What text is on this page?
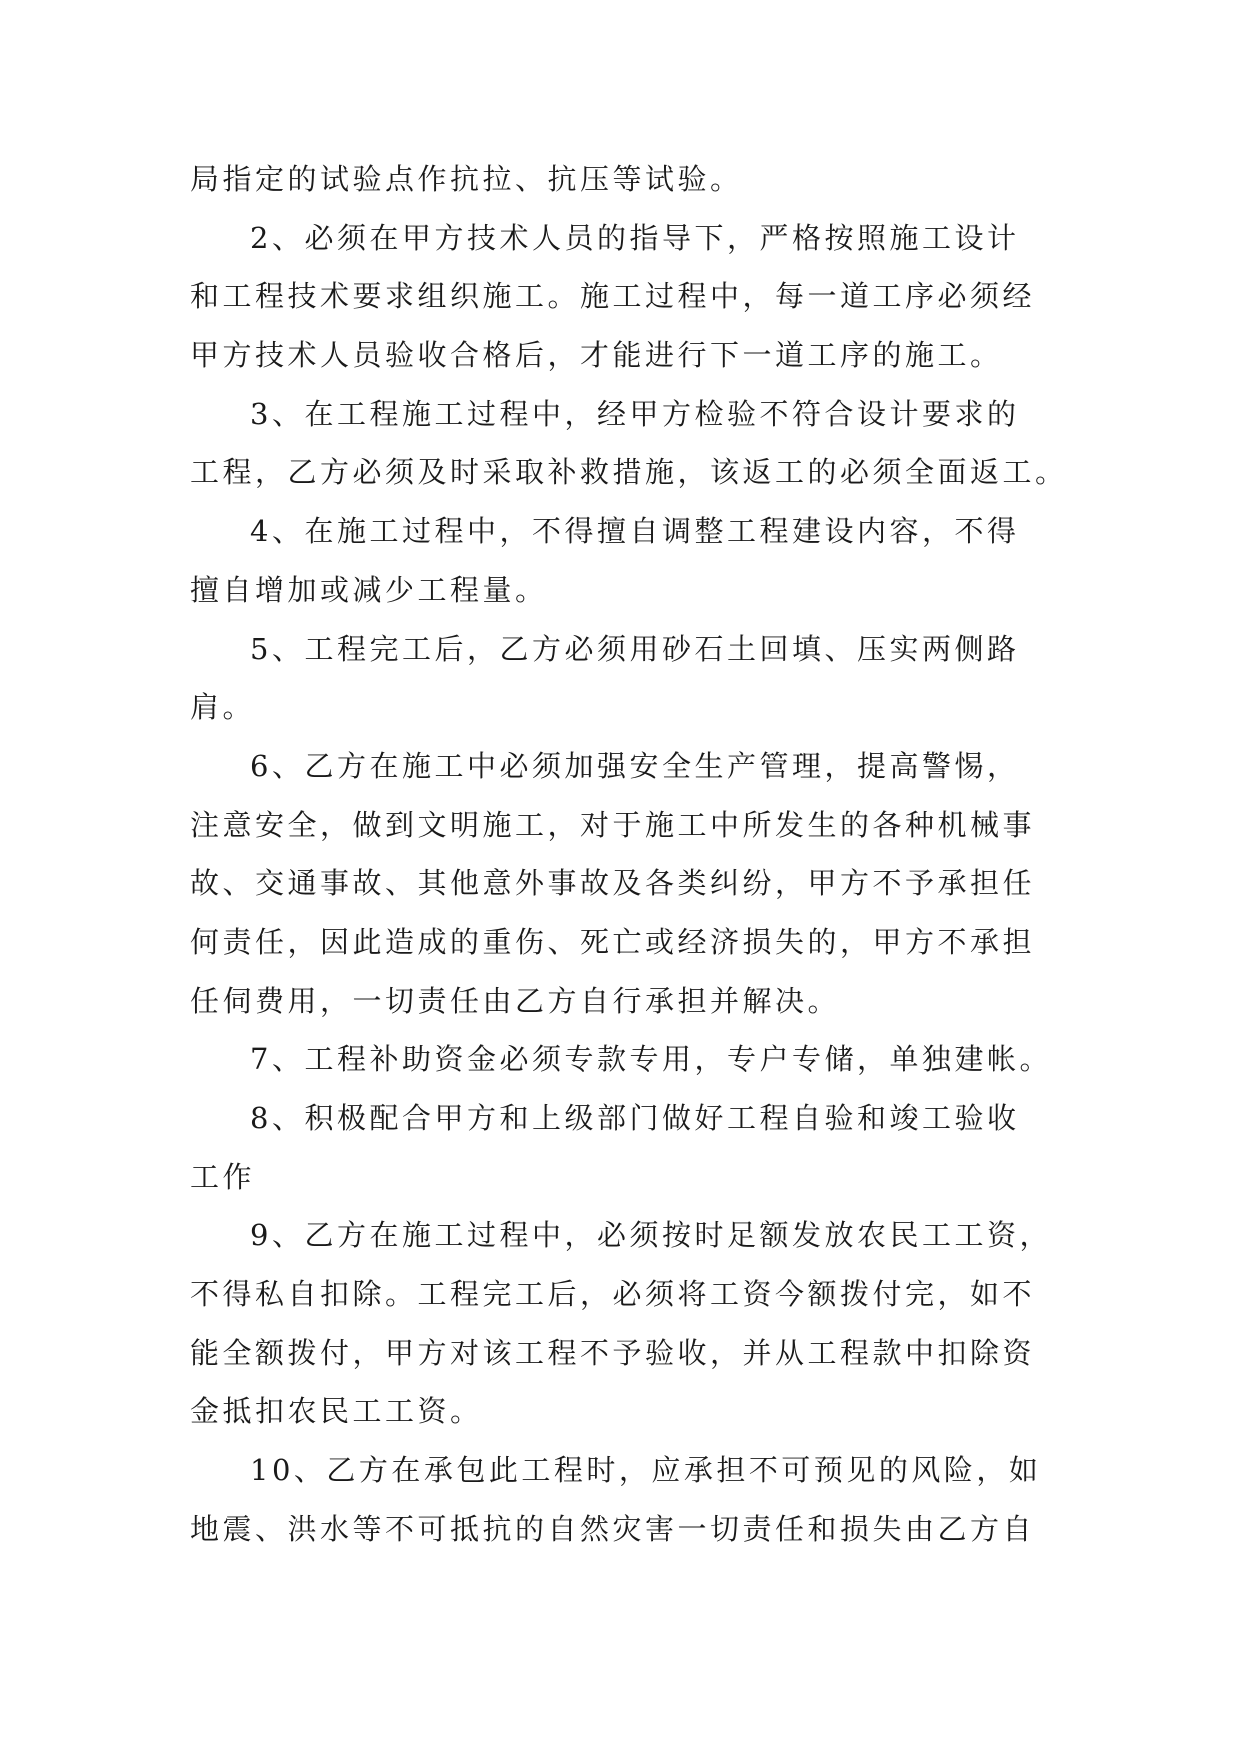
局指定的试验点作抗拉、抗压等试验。
2、必须在甲方技术人员的指导下，严格按照施工设计
和工程技术要求组织施工。施工过程中，每一道工序必须经
甲方技术人员验收合格后，才能进行下一道工序的施工。
3、在工程施工过程中，经甲方检验不符合设计要求的
工程，乙方必须及时采取补救措施，该返工的必须全面返工。
4、在施工过程中，不得擅自调整工程建设内容，不得
擅自增加或减少工程量。
5、工程完工后，乙方必须用砂石土回填、压实两侧路
肩。
6、乙方在施工中必须加强安全生产管理，提高警惕，
注意安全，做到文明施工，对于施工中所发生的各种机械事
故、交通事故、其他意外事故及各类纠纷，甲方不予承担任
何责任，因此造成的重伤、死亡或经济损失的，甲方不承担
任伺费用，一切责任由乙方自行承担并解决。
7、工程补助资金必须专款专用，专户专储，单独建帐。
8、积极配合甲方和上级部门做好工程自验和竣工验收
工作
9、乙方在施工过程中，必须按时足额发放农民工工资，
不得私自扣除。工程完工后，必须将工资今额拨付完，如不
能全额拨付，甲方对该工程不予验收，并从工程款中扣除资
金抵扣农民工工资。
10、乙方在承包此工程时，应承担不可预见的风险，如
地震、洪水等不可抵抗的自然灾害一切责任和损失由乙方自
